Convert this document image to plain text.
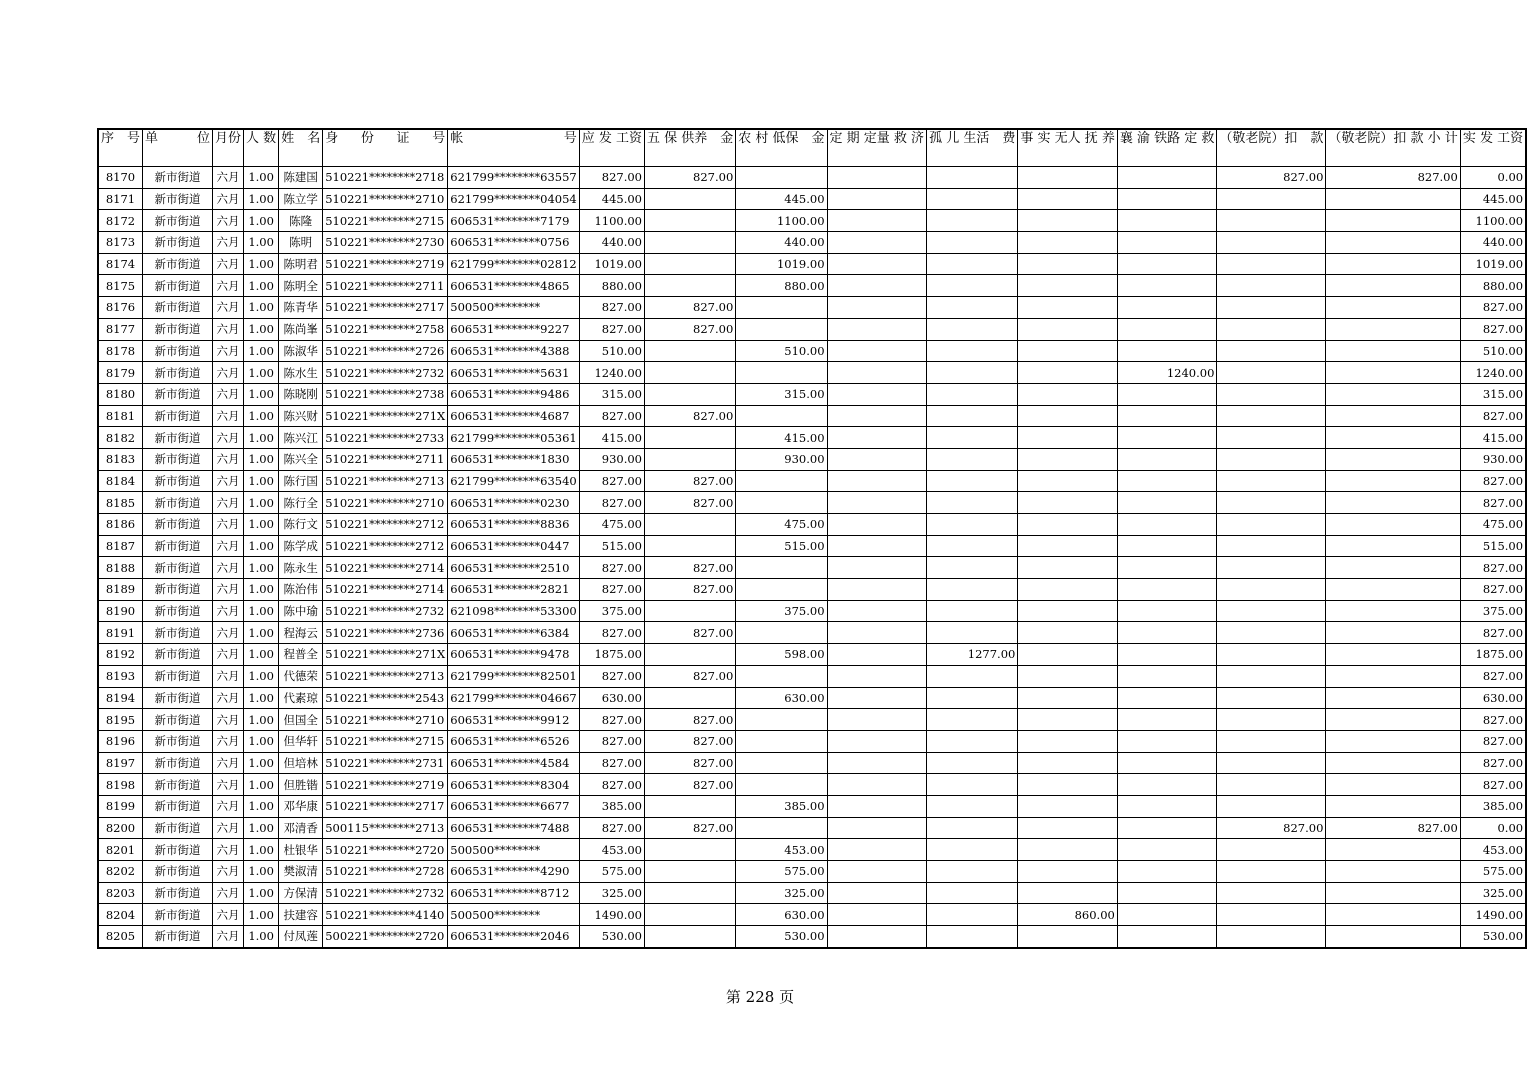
序　号	单　　　位	月份	人 数	姓　名	身　份　证　号	帐　　　号	应 发 工资	五 保 供养　金	农 村 低保　金	定 期 定量 救 济	孤 儿 生活　费	事 实 无人 抚 养	襄 渝 铁路 定 救	（敬老院）扣　款	（敬老院）扣 款 小 计	实 发 工资
8170	新市街道	六月	1.00	陈建国	510221********2718	621799********63557	827.00	827.00						827.00	827.00	0.00
8171	新市街道	六月	1.00	陈立学	510221********2710	621799********04054	445.00		445.00							445.00
8172	新市街道	六月	1.00	陈隆	510221********2715	606531********7179	1100.00		1100.00							1100.00
8173	新市街道	六月	1.00	陈明	510221********2730	606531********0756	440.00		440.00							440.00
8174	新市街道	六月	1.00	陈明君	510221********2719	621799********02812	1019.00		1019.00							1019.00
8175	新市街道	六月	1.00	陈明全	510221********2711	606531********4865	880.00		880.00							880.00
8176	新市街道	六月	1.00	陈青华	510221********2717	500500********	827.00	827.00								827.00
8177	新市街道	六月	1.00	陈尚峯	510221********2758	606531********9227	827.00	827.00								827.00
8178	新市街道	六月	1.00	陈淑华	510221********2726	606531********4388	510.00		510.00							510.00
8179	新市街道	六月	1.00	陈水生	510221********2732	606531********5631	1240.00						1240.00			1240.00
8180	新市街道	六月	1.00	陈晓刚	510221********2738	606531********9486	315.00		315.00							315.00
8181	新市街道	六月	1.00	陈兴财	510221********271X	606531********4687	827.00	827.00								827.00
8182	新市街道	六月	1.00	陈兴江	510221********2733	621799********05361	415.00		415.00							415.00
8183	新市街道	六月	1.00	陈兴全	510221********2711	606531********1830	930.00		930.00							930.00
8184	新市街道	六月	1.00	陈行国	510221********2713	621799********63540	827.00	827.00								827.00
8185	新市街道	六月	1.00	陈行全	510221********2710	606531********0230	827.00	827.00								827.00
8186	新市街道	六月	1.00	陈行文	510221********2712	606531********8836	475.00		475.00							475.00
8187	新市街道	六月	1.00	陈学成	510221********2712	606531********0447	515.00		515.00							515.00
8188	新市街道	六月	1.00	陈永生	510221********2714	606531********2510	827.00	827.00								827.00
8189	新市街道	六月	1.00	陈治伟	510221********2714	606531********2821	827.00	827.00								827.00
8190	新市街道	六月	1.00	陈中瑜	510221********2732	621098********53300	375.00		375.00							375.00
8191	新市街道	六月	1.00	程海云	510221********2736	606531********6384	827.00	827.00								827.00
8192	新市街道	六月	1.00	程普全	510221********271X	606531********9478	1875.00		598.00		1277.00					1875.00
8193	新市街道	六月	1.00	代德荣	510221********2713	621799********82501	827.00	827.00								827.00
8194	新市街道	六月	1.00	代素琼	510221********2543	621799********04667	630.00		630.00							630.00
8195	新市街道	六月	1.00	但国全	510221********2710	606531********9912	827.00	827.00								827.00
8196	新市街道	六月	1.00	但华轩	510221********2715	606531********6526	827.00	827.00								827.00
8197	新市街道	六月	1.00	但培林	510221********2731	606531********4584	827.00	827.00								827.00
8198	新市街道	六月	1.00	但胜锴	510221********2719	606531********8304	827.00	827.00								827.00
8199	新市街道	六月	1.00	邓华康	510221********2717	606531********6677	385.00		385.00							385.00
8200	新市街道	六月	1.00	邓清香	500115********2713	606531********7488	827.00	827.00						827.00	827.00	0.00
8201	新市街道	六月	1.00	杜银华	510221********2720	500500********	453.00		453.00							453.00
8202	新市街道	六月	1.00	樊淑清	510221********2728	606531********4290	575.00		575.00							575.00
8203	新市街道	六月	1.00	方保清	510221********2732	606531********8712	325.00		325.00							325.00
8204	新市街道	六月	1.00	扶建容	510221********4140	500500********	1490.00		630.00			860.00				1490.00
8205	新市街道	六月	1.00	付凤莲	500221********2720	606531********2046	530.00		530.00							530.00
第 228 页
